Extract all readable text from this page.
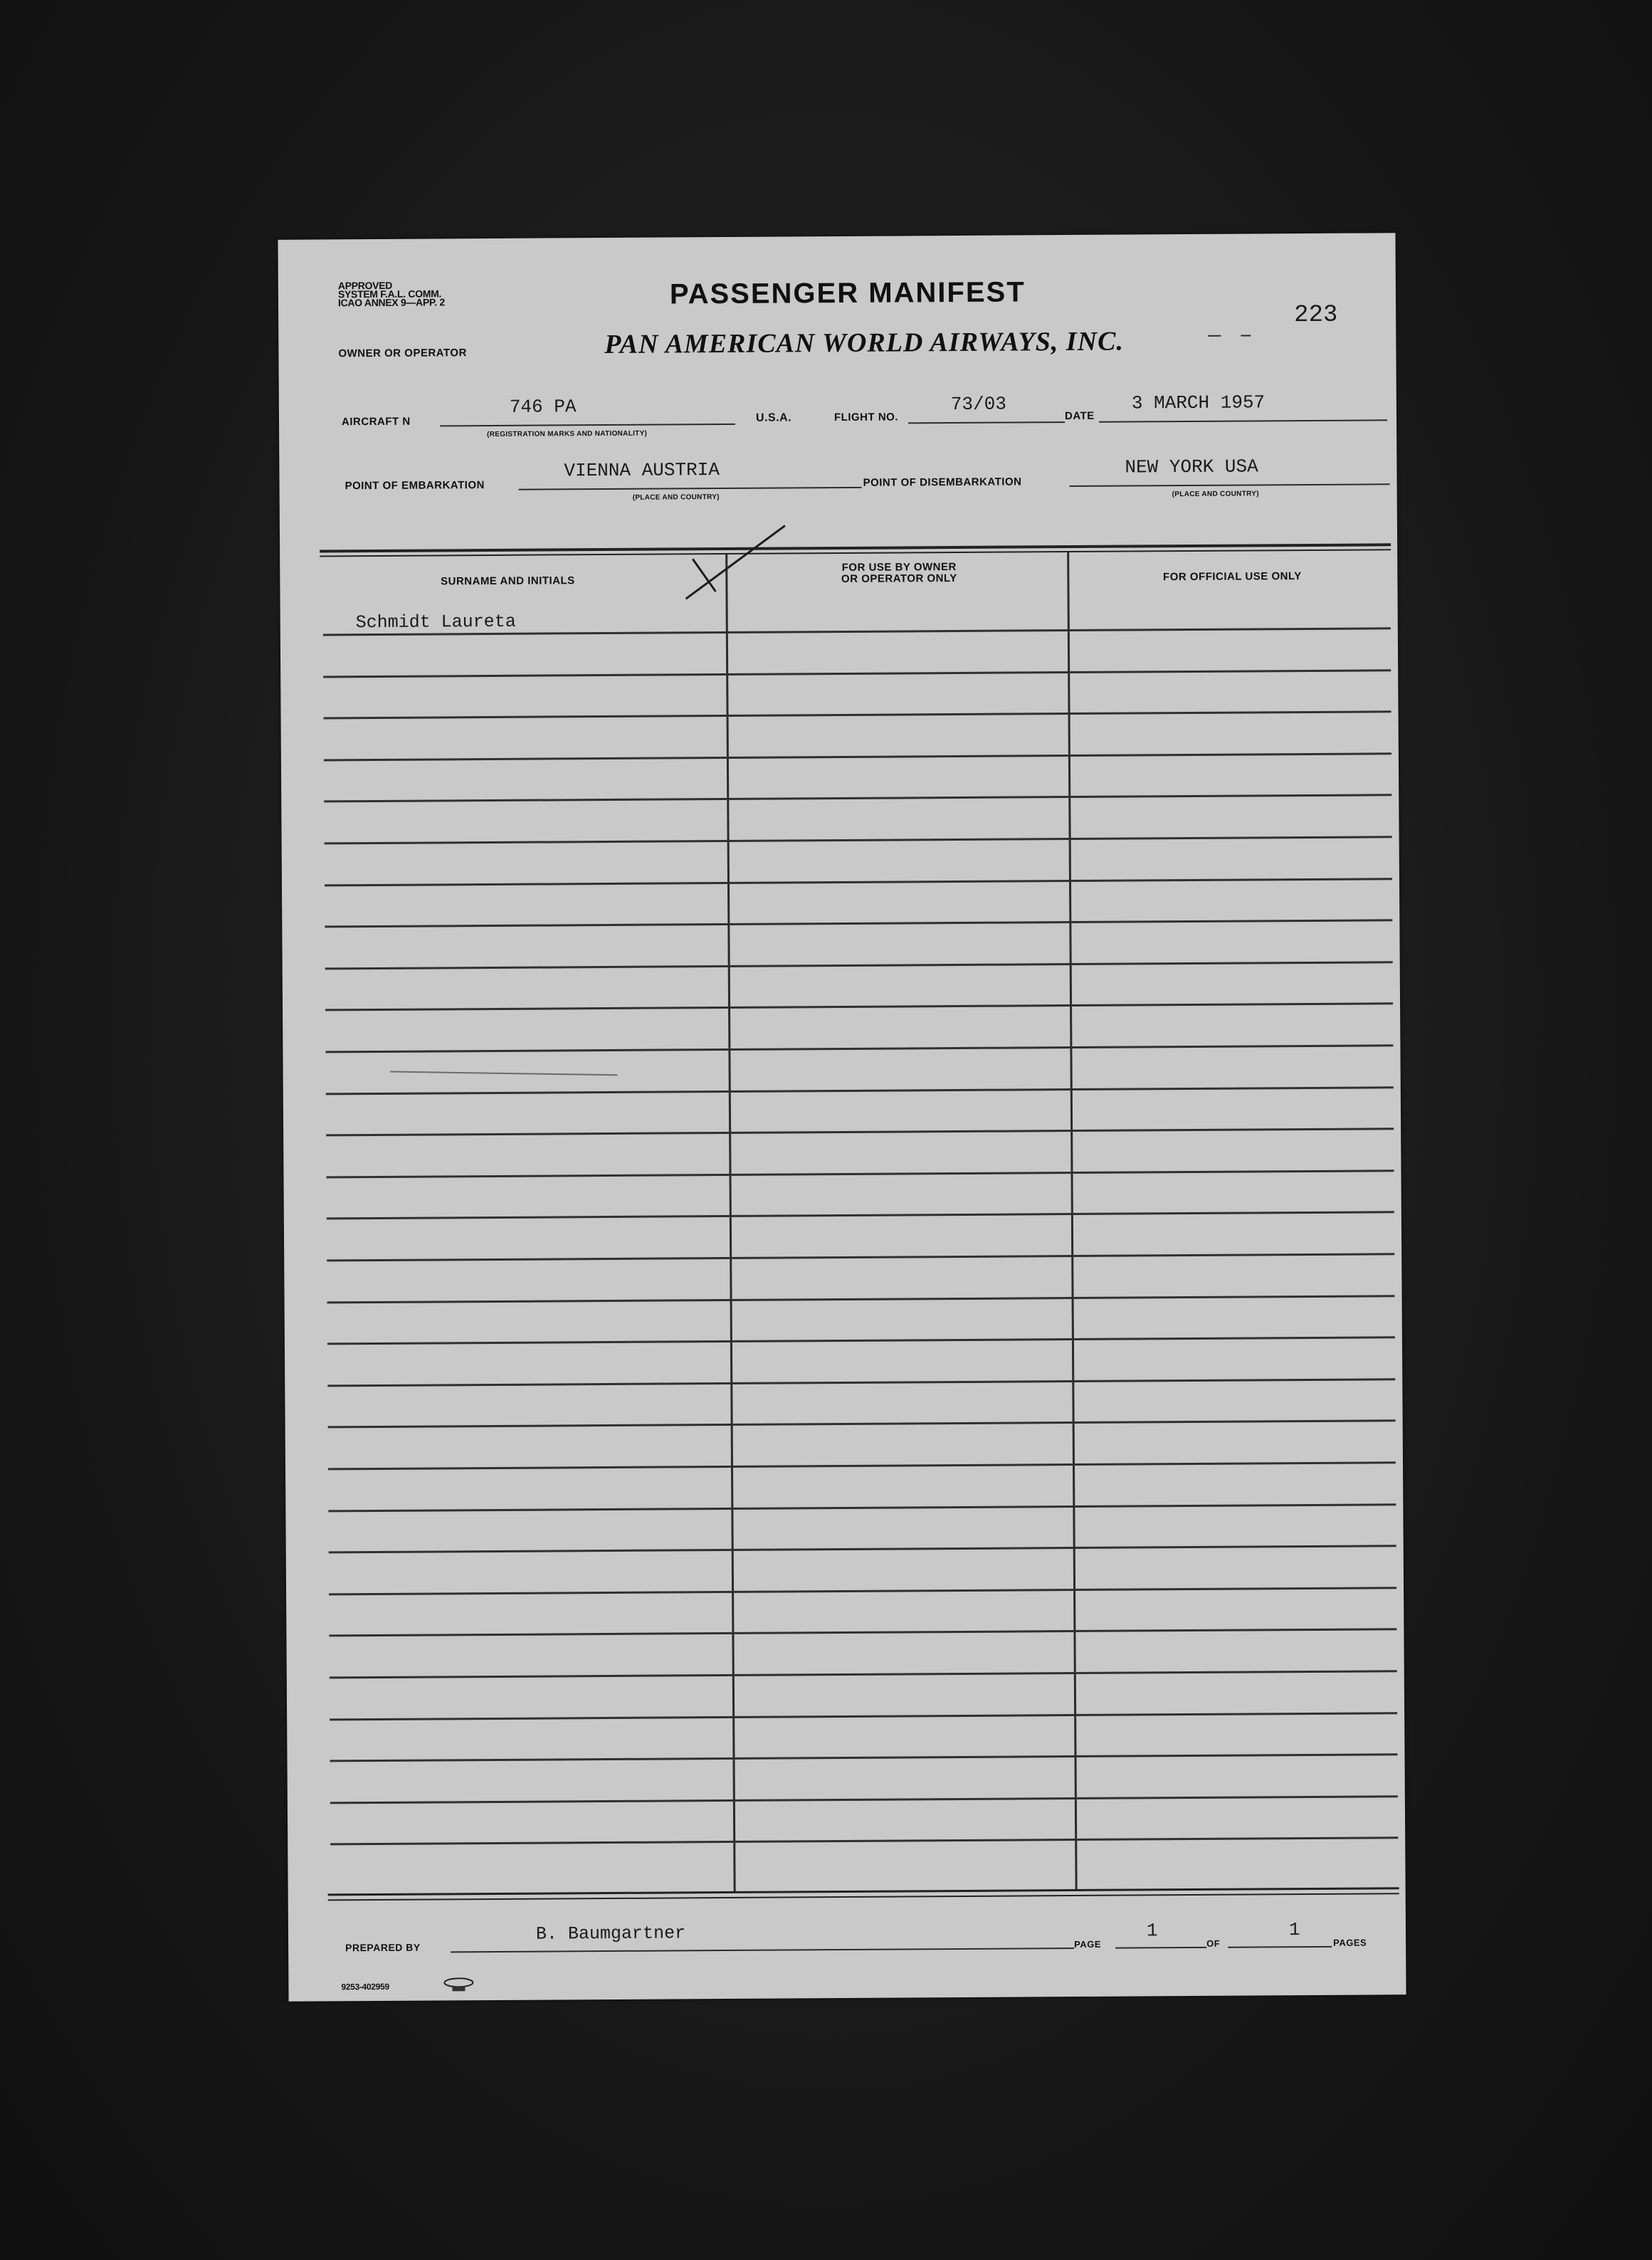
APPROVED
SYSTEM F.A.L. COMM.
ICAO ANNEX 9—APP. 2	PASSENGER MANIFEST
223
OWNER OR OPERATOR	PAN AMERICAN WORLD AIRWAYS, INC.
AIRCRAFT N
746 PA
(REGISTRATION MARKS AND NATIONALITY)
U.S.A.	FLIGHT NO.
73/03
DATE
3 MARCH 1957
POINT OF EMBARKATION
VIENNA AUSTRIA
(PLACE AND COUNTRY)
POINT OF DISEMBARKATION
NEW YORK USA
(PLACE AND COUNTRY)
SURNAME AND INITIALS
FOR USE BY OWNER
OR OPERATOR ONLY	FOR OFFICIAL USE ONLY
Schmidt Laureta
PREPARED BY
B. Baumgartner	PAGE
1
OF
1
PAGES
9253-402959
